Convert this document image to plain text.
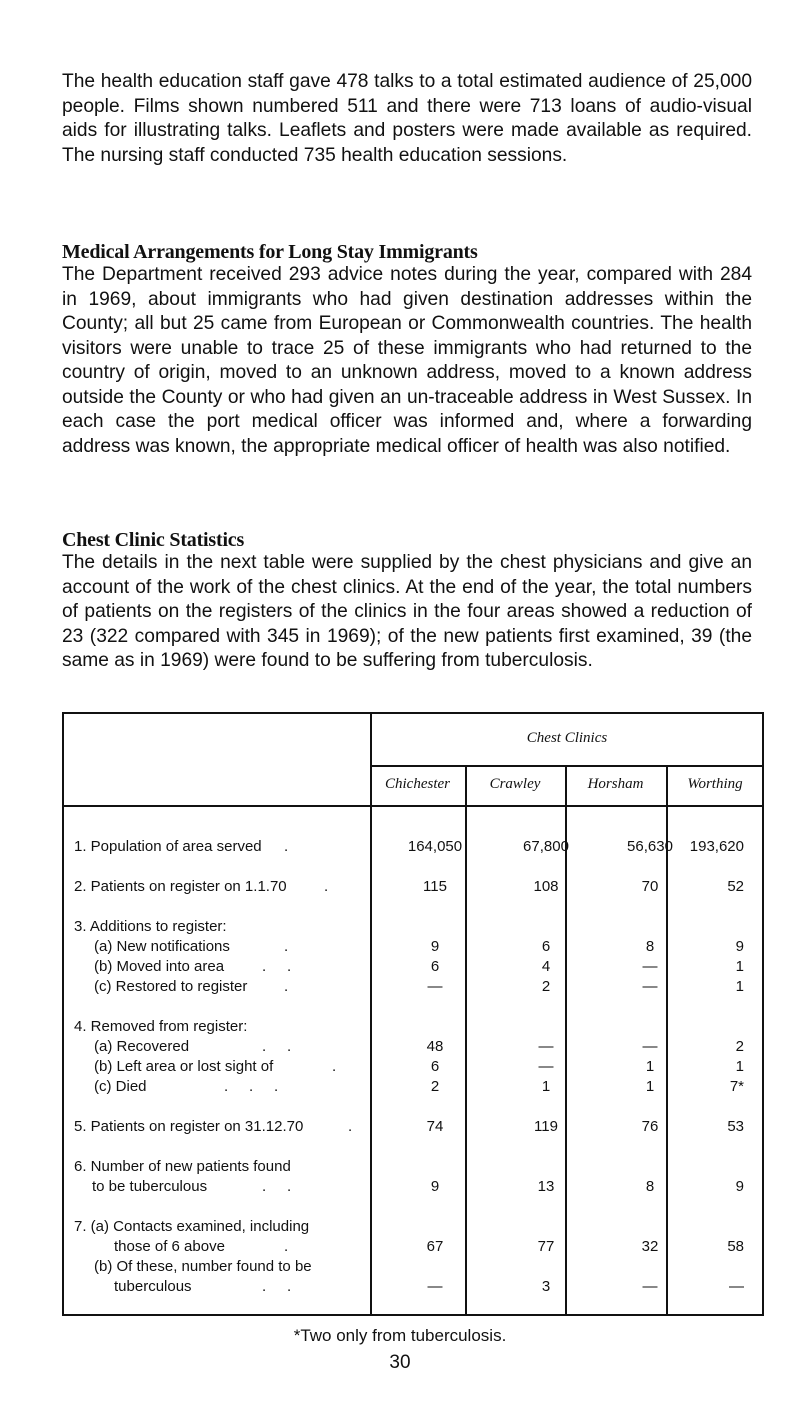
The health education staff gave 478 talks to a total estimated audience of 25,000 people. Films shown numbered 511 and there were 713 loans of audio-visual aids for illustrating talks. Leaflets and posters were made available as required. The nursing staff conducted 735 health education sessions.

Medical Arrangements for Long Stay Immigrants

The Department received 293 advice notes during the year, compared with 284 in 1969, about immigrants who had given destination addresses within the County; all but 25 came from European or Commonwealth countries. The health visitors were unable to trace 25 of these immigrants who had returned to the country of origin, moved to an unknown address, moved to a known address outside the County or who had given an un-traceable address in West Sussex. In each case the port medical officer was informed and, where a forwarding address was known, the appropriate medical officer of health was also notified.

Chest Clinic Statistics

The details in the next table were supplied by the chest physicians and give an account of the work of the chest clinics. At the end of the year, the total numbers of patients on the registers of the clinics in the four areas showed a reduction of 23 (322 compared with 345 in 1969); of the new patients first examined, 39 (the same as in 1969) were found to be suffering from tuberculosis.

Chest Clinics
Chichester	Crawley	Horsham	Worthing
1. Population of area served .	164,050	67,800	56,630	193,620
2. Patients on register on 1.1.70 .	115	108	70	52
3. Additions to register:
(a) New notifications	.	9	6	8	9
(b) Moved into area	.     .	6	4	—	1
(c) Restored to register .	—	2	—	1
4. Removed from register:
(a) Recovered	.     .	48	—	—	2
(b) Left area or lost sight of	.	6	—	1	1
(c) Died	.     .     .	2	1	1	7*
5. Patients on register on 31.12.70	.	74	119	76	53
6. Number of new patients found
to be tuberculous	.     .	9	13	8	9
7. (a) Contacts examined, including
those of 6 above	.	67	77	32	58
(b) Of these, number found to be
tuberculous	.     .	—	3	—	—
*Two only from tuberculosis.
30
